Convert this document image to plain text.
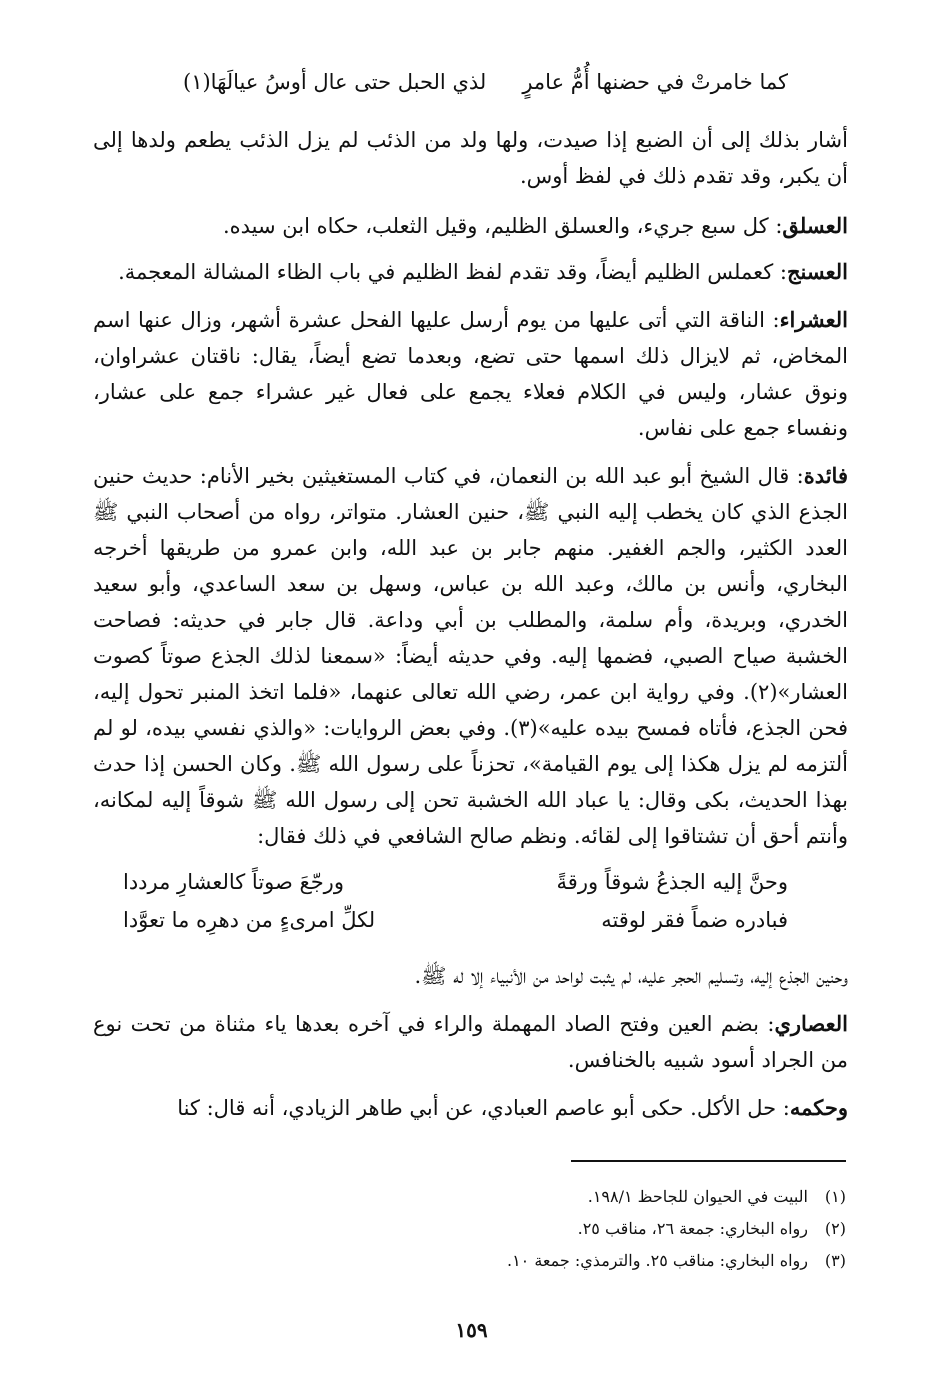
كما خامرتْ في حضنها أُمُّ عامرٍ
لذي الحبل حتى عال أوسُ عيالَهَا(١)
أشار بذلك إلى أن الضبع إذا صيدت، ولها ولد من الذئب لم يزل الذئب يطعم ولدها إلى أن يكبر، وقد تقدم ذلك في لفظ أوس.
العسلق: كل سبع جريء، والعسلق الظليم، وقيل الثعلب، حكاه ابن سيده.
العسنج: كعملس الظليم أيضاً، وقد تقدم لفظ الظليم في باب الظاء المشالة المعجمة.
العشراء: الناقة التي أتى عليها من يوم أرسل عليها الفحل عشرة أشهر، وزال عنها اسم المخاض، ثم لايزال ذلك اسمها حتى تضع، وبعدما تضع أيضاً، يقال: ناقتان عشراوان، ونوق عشار، وليس في الكلام فعلاء يجمع على فعال غير عشراء جمع على عشار، ونفساء جمع على نفاس.
فائدة: قال الشيخ أبو عبد الله بن النعمان، في كتاب المستغيثين بخير الأنام: حديث حنين الجذع الذي كان يخطب إليه النبي ﷺ، حنين العشار. متواتر، رواه من أصحاب النبي ﷺ العدد الكثير، والجم الغفير. منهم جابر بن عبد الله، وابن عمرو من طريقها أخرجه البخاري، وأنس بن مالك، وعبد الله بن عباس، وسهل بن سعد الساعدي، وأبو سعيد الخدري، وبريدة، وأم سلمة، والمطلب بن أبي وداعة. قال جابر في حديثه: فصاحت الخشبة صياح الصبي، فضمها إليه. وفي حديثه أيضاً: «سمعنا لذلك الجذع صوتاً كصوت العشار»(٢). وفي رواية ابن عمر، رضي الله تعالى عنهما، «فلما اتخذ المنبر تحول إليه، فحن الجذع، فأتاه فمسح بيده عليه»(٣). وفي بعض الروايات: «والذي نفسي بيده، لو لم ألتزمه لم يزل هكذا إلى يوم القيامة»، تحزناً على رسول الله ﷺ. وكان الحسن إذا حدث بهذا الحديث، بكى وقال: يا عباد الله الخشبة تحن إلى رسول الله ﷺ شوقاً إليه لمكانه، وأنتم أحق أن تشتاقوا إلى لقائه. ونظم صالح الشافعي في ذلك فقال:
وحنَّ إليه الجذعُ شوقاً ورقةً
ورجّعَ صوتاً كالعشارِ مرددا
فبادره ضماً فقر لوقته
لكلِّ امرىءٍ من دهرِه ما تعوَّدا
وحنين الجذع إليه، وتسليم الحجر عليه، لم يثبت لواحد من الأنبياء إلا له ﷺ.
العصاري: بضم العين وفتح الصاد المهملة والراء في آخره بعدها ياء مثناة من تحت نوع من الجراد أسود شبيه بالخنافس.
وحكمه: حل الأكل. حكى أبو عاصم العبادي، عن أبي طاهر الزيادي، أنه قال: كنا
(١)البيت في الحيوان للجاحظ ١٩٨/١.
(٢)رواه البخاري: جمعة ٢٦، مناقب ٢٥.
(٣)رواه البخاري: مناقب ٢٥. والترمذي: جمعة ١٠.
١٥٩
